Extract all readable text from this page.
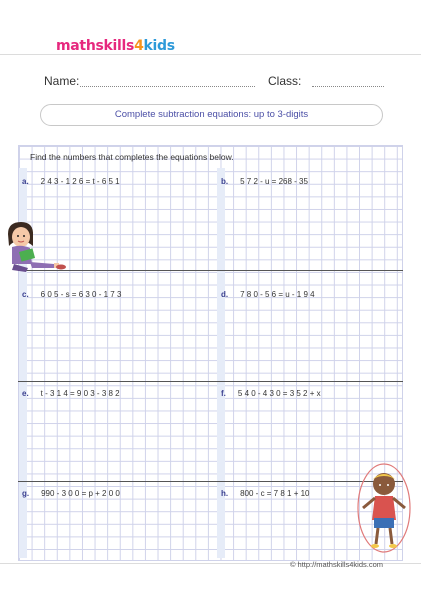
mathskills4kids
Name:	Class:
Complete subtraction equations: up to 3-digits
Find the numbers that completes the equations below.
a. 2 4 3 - 1 2 6 = t - 6 5 1	b. 5 7 2 - u = 268 - 35
c. 6 0 5 - s = 6 3 0 - 1 7 3	d. 7 8 0 - 5 6 = u - 1 9 4
e. t - 3 1 4 = 9 0 3 - 3 8 2	f. 5 4 0 - 4 3 0 = 3 5 2 + x
g. 990 - 3 0 0 = p + 2 0 0	h. 800 - c = 7 8 1 + 10
© http://mathskills4kids.com
